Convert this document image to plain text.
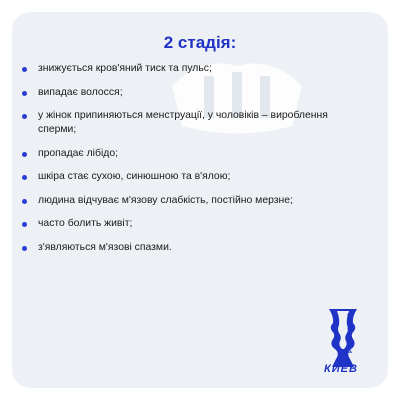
2 стадія:
знижується кров'яний тиск та пульс;
випадає волосся;
у жінок припиняються менструації, у чоловіків – вироблення сперми;
пропадає лібідо;
шкіра стає сухою, синюшною та в'ялою;
людина відчуває м'язову слабкість, постійно мерзне;
часто болить живіт;
з'являються м'язові спазми.
РЕНЕССАНС
КИЕВ
